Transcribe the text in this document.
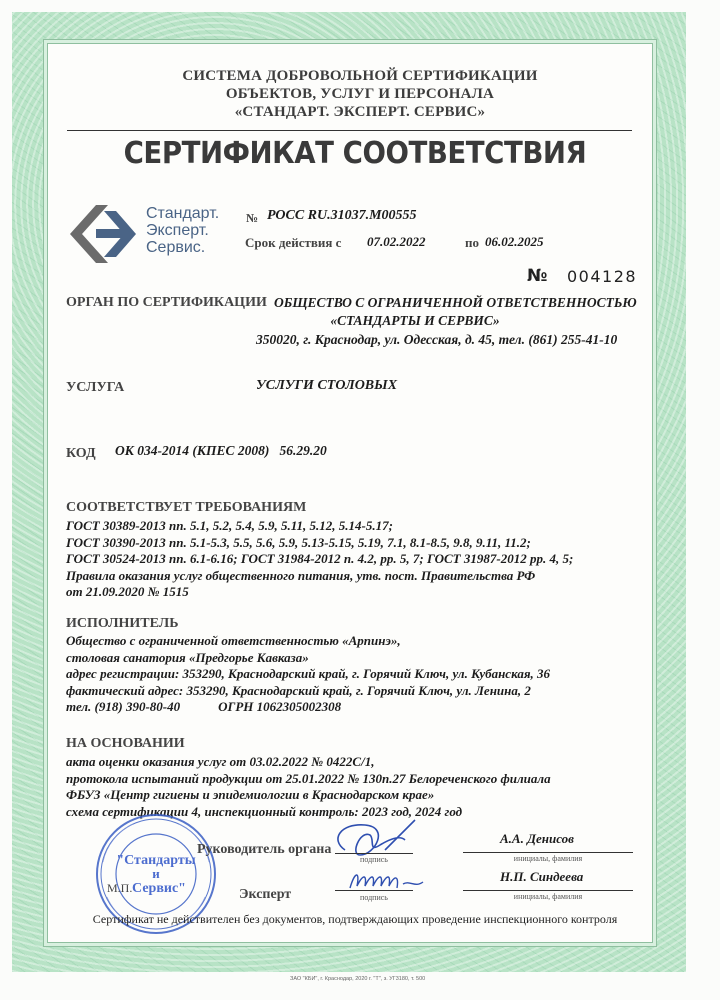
СИСТЕМА ДОБРОВОЛЬНОЙ СЕРТИФИКАЦИИ
ОБЪЕКТОВ, УСЛУГ И ПЕРСОНАЛА
«СТАНДАРТ. ЭКСПЕРТ. СЕРВИС»
СЕРТИФИКАТ СООТВЕТСТВИЯ
Стандарт.
Эксперт.
Сервис.
№ РОСС RU.31037.М00555
Срок действия с 07.02.2022	по 06.02.2025
№ 004128
ОРГАН ПО СЕРТИФИКАЦИИ ОБЩЕСТВО С ОГРАНИЧЕННОЙ ОТВЕТСТВЕННОСТЬЮ
«СТАНДАРТЫ И СЕРВИС»
350020, г. Краснодар, ул. Одесская, д. 45, тел. (861) 255-41-10
УСЛУГА	УСЛУГИ СТОЛОВЫХ
КОД ОК 034-2014 (КПЕС 2008)   56.29.20
СООТВЕТСТВУЕТ ТРЕБОВАНИЯМ
ГОСТ 30389-2013 пп. 5.1, 5.2, 5.4, 5.9, 5.11, 5.12, 5.14-5.17;
ГОСТ 30390-2013 пп. 5.1-5.3, 5.5, 5.6, 5.9, 5.13-5.15, 5.19, 7.1, 8.1-8.5, 9.8, 9.11, 11.2;
ГОСТ 30524-2013 пп. 6.1-6.16; ГОСТ 31984-2012 п. 4.2, рр. 5, 7; ГОСТ 31987-2012 рр. 4, 5;
Правила оказания услуг общественного питания, утв. пост. Правительства РФ
от 21.09.2020 № 1515
ИСПОЛНИТЕЛЬ
Общество с ограниченной ответственностью «Арпинэ»,
столовая санатория «Предгорье Кавказа»
адрес регистрации: 353290, Краснодарский край, г. Горячий Ключ, ул. Кубанская, 36
фактический адрес: 353290, Краснодарский край, г. Горячий Ключ, ул. Ленина, 2
тел. (918) 390-80-40	ОГРН 1062305002308
НА ОСНОВАНИИ
акта оценки оказания услуг от 03.02.2022 № 0422С/1,
протокола испытаний продукции от 25.01.2022 № 130п.27 Белореченского филиала
ФБУЗ «Центр гигиены и эпидемиологии в Краснодарском крае»
схема сертификации 4, инспекционный контроль: 2023 год, 2024 год
"Стандарты
и
Сервис"
М.П.
Руководитель органа
подпись
А.А. Денисов
инициалы, фамилия
Эксперт	подпись
Н.П. Синдеева
инициалы, фамилия
Сертификат не действителен без документов, подтверждающих проведение инспекционного контроля
ЗАО "КБИ", г. Краснодар, 2020 г. "Т", з. УГ3180, т. 500
